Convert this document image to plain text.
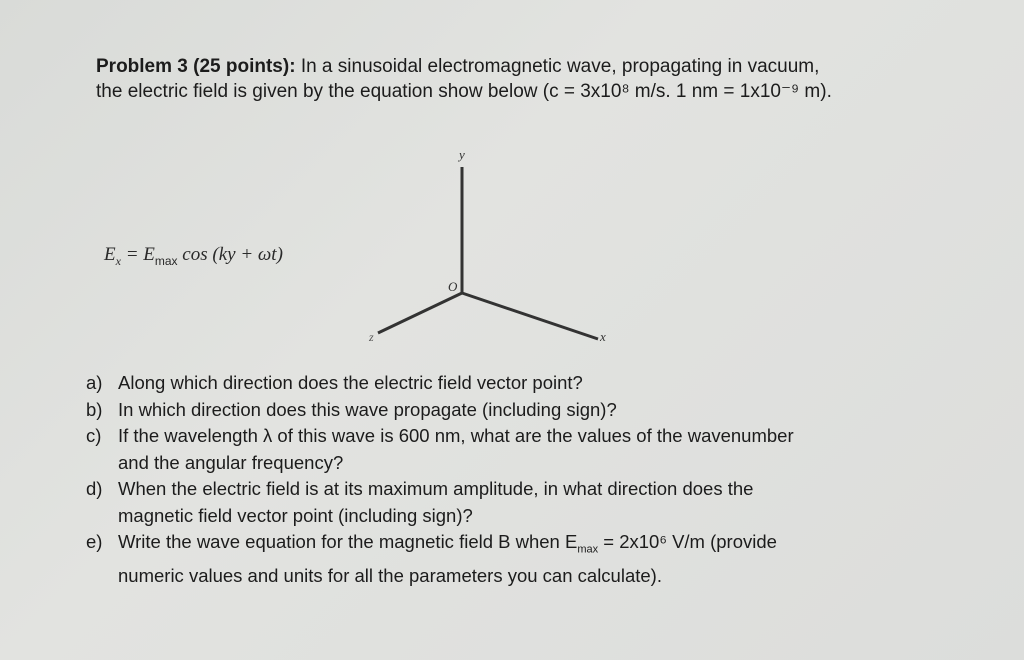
Problem 3 (25 points): In a sinusoidal electromagnetic wave, propagating in vacuum,
the electric field is given by the equation show below (c = 3x10⁸ m/s. 1 nm = 1x10⁻⁹ m).
$E_x = E_{max}$ cos (ky + ωt)
y
x
z
O
a) Along which direction does the electric field vector point?
b) In which direction does this wave propagate (including sign)?
c) If the wavelength λ of this wave is 600 nm, what are the values of the wavenumber
and the angular frequency?
d) When the electric field is at its maximum amplitude, in what direction does the
magnetic field vector point (including sign)?
e) Write the wave equation for the magnetic field B when $E_{max} = 2x10^6$ V/m (provide
numeric values and units for all the parameters you can calculate).
